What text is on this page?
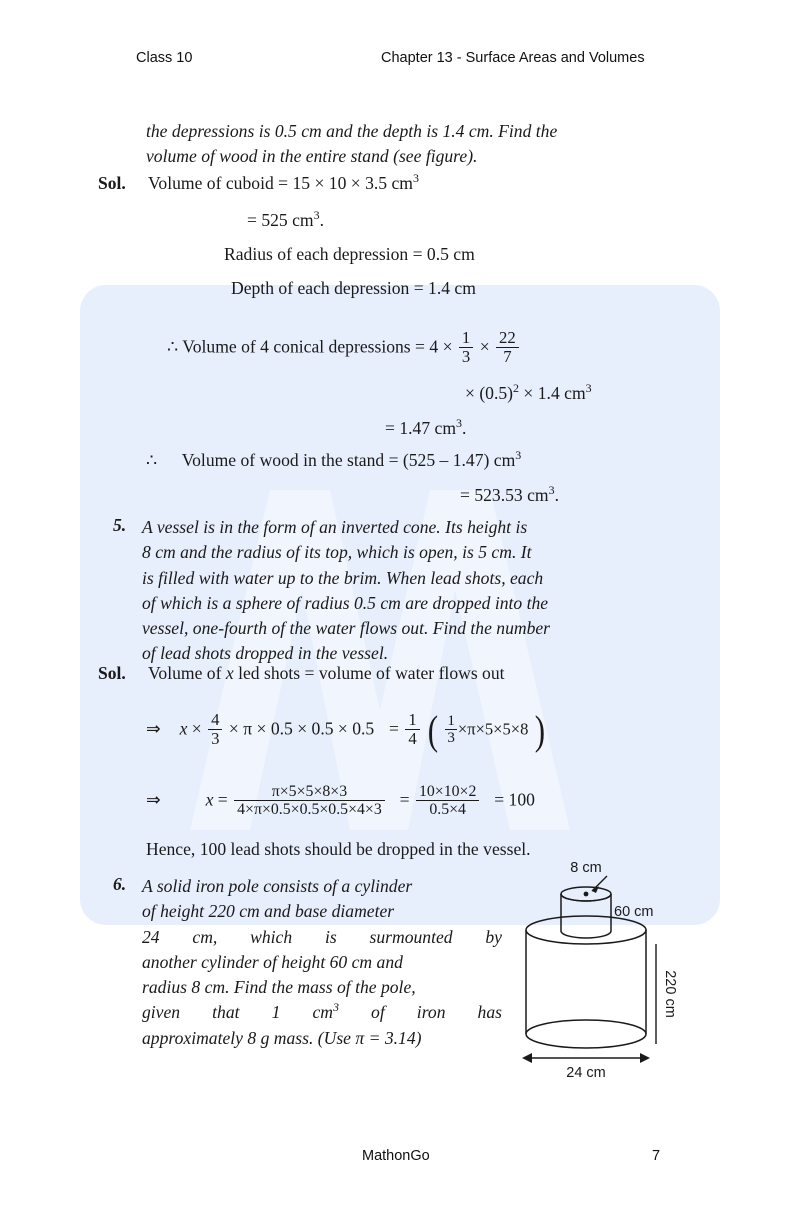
Class 10	Chapter 13 - Surface Areas and Volumes
the depressions is 0.5 cm and the depth is 1.4 cm. Find the
volume of wood in the entire stand (see figure).
Sol. Volume of cuboid = 15 × 10 × 3.5 $cm^3$
= 525 $cm^3$.
Radius of each depression = 0.5 cm
Depth of each depression = 1.4 cm
∴ Volume of 4 conical depressions = $4 \times \frac{1}{3} \times \frac{22}{7}$
× $(0.5)^2 \times 1.4$ $cm^3$
= 1.47 $cm^3$.
∴ Volume of wood in the stand = (525 – 1.47) $cm^3$
= 523.53 $cm^3$.
5. A vessel is in the form of an inverted cone. Its height is
8 cm and the radius of its top, which is open, is 5 cm. It
is filled with water up to the brim. When lead shots, each
of which is a sphere of radius 0.5 cm are dropped into the
vessel, one-fourth of the water flows out. Find the number
of lead shots dropped in the vessel.
Sol. Volume of x led shots = volume of water flows out
⇒ $x \times \frac{4}{3} \times \pi \times 0.5 \times 0.5 \times 0.5 = \frac{1}{4}$ ( $\frac{1}{3} \times\pi\times 5\times 5\times 8$ )
⇒	$x = \frac{\pi\times 5\times 5\times 8\times 3}{4\times\pi\times 0.5\times 0.5\times 0.5\times 4\times 3} = \frac{10\times 10\times 2}{0.5\times 4} = 100$
Hence, 100 lead shots should be dropped in the vessel.
6. A solid iron pole consists of a cylinder
of height 220 cm and base diameter
24 cm, which is surmounted by
another cylinder of height 60 cm and
radius 8 cm. Find the mass of the pole,
given  that  1  $cm^3$  of  iron  has
approximately 8 g mass. (Use π = 3.14)
8 cm
60 cm
220 cm
24 cm
MathonGo	7
